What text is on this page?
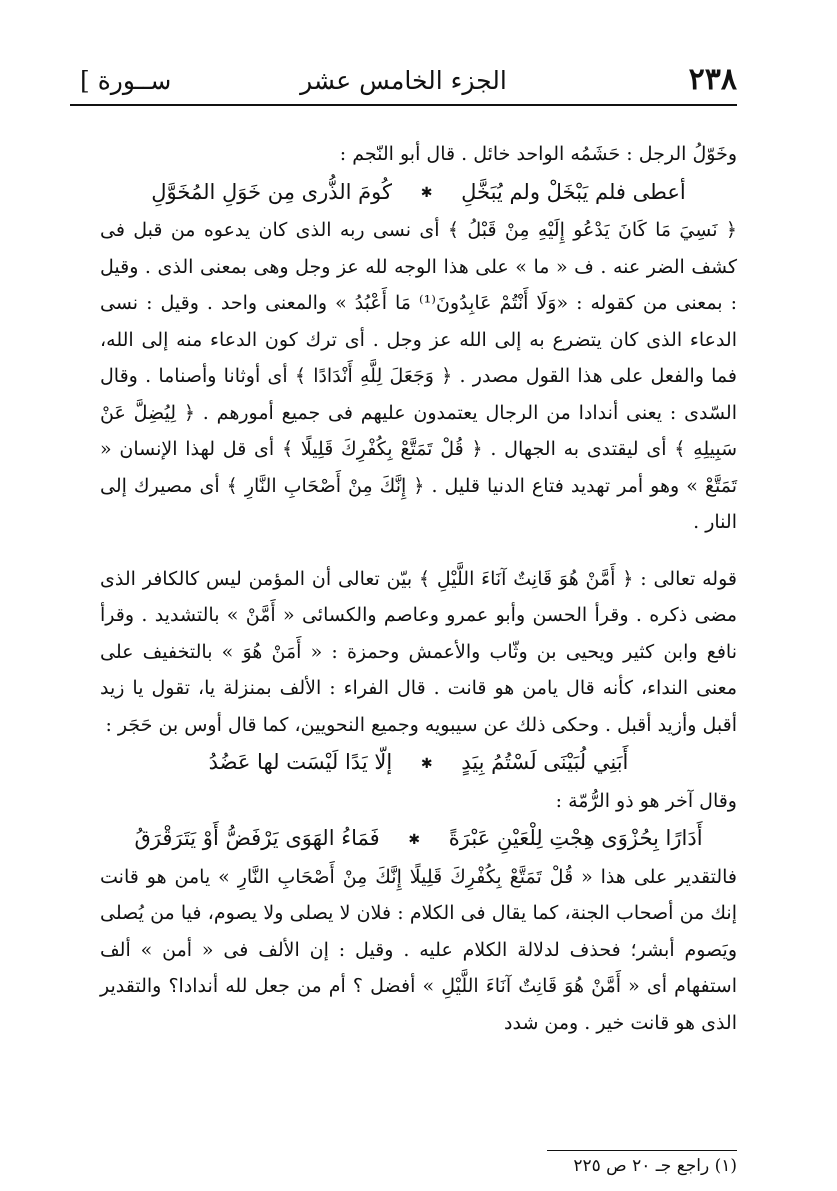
٢٣٨
الجزء الخامس عشر
ســورة ]

وخَوّلُ الرجل : حَشَمُه الواحد خائل . قال أبو النّجم :

أعطى فلم يَبْخَلْ ولم يُبَخَّلِ ✱ كُومَ الذُّرى مِن خَوَلِ المُخَوَّلِ

﴿ نَسِيَ مَا كَانَ يَدْعُو إِلَيْهِ مِنْ قَبْلُ ﴾ أى نسى ربه الذى كان يدعوه من قبل فى كشف الضر عنه . ف « ما » على هذا الوجه لله عز وجل وهى بمعنى الذى . وقيل : بمعنى من كقوله : «وَلَا أَنْتُمْ عَابِدُونَ⁽¹⁾ مَا أَعْبُدُ » والمعنى واحد . وقيل : نسى الدعاء الذى كان يتضرع به إلى الله عز وجل . أى ترك كون الدعاء منه إلى الله، فما والفعل على هذا القول مصدر . ﴿ وَجَعَلَ لِلَّهِ أَنْدَادًا ﴾ أى أوثانا وأصناما . وقال السّدى : يعنى أندادا من الرجال يعتمدون عليهم فى جميع أمورهم . ﴿ لِيُضِلَّ عَنْ سَبِيلِهِ ﴾ أى ليقتدى به الجهال . ﴿ قُلْ تَمَتَّعْ بِكُفْرِكَ قَلِيلًا ﴾ أى قل لهذا الإنسان « تَمَتَّعْ » وهو أمر تهديد فتاع الدنيا قليل . ﴿ إِنَّكَ مِنْ أَصْحَابِ النَّارِ ﴾ أى مصيرك إلى النار .

قوله تعالى : ﴿ أَمَّنْ هُوَ قَانِتٌ آنَاءَ اللَّيْلِ ﴾ بيّن تعالى أن المؤمن ليس كالكافر الذى مضى ذكره . وقرأ الحسن وأبو عمرو وعاصم والكسائى « أَمَّنْ » بالتشديد . وقرأ نافع وابن كثير ويحيى بن وثّاب والأعمش وحمزة : « أَمَنْ هُوَ » بالتخفيف على معنى النداء، كأنه قال يامن هو قانت . قال الفراء : الألف بمنزلة يا، تقول يا زيد أقبل وأزيد أقبل . وحكى ذلك عن سيبويه وجميع النحويين، كما قال أوس بن حَجَر :

أَبَنِي لُبَيْنَى لَسْتُمُ بِيَدٍ ✱ إلّا يَدًا لَيْسَت لها عَضُدُ

وقال آخر هو ذو الرُّمّة :

أَدَارًا بِحُزْوَى هِجْتِ لِلْعَيْنِ عَبْرَةً ✱ فَمَاءُ الهَوَى يَرْفَضُّ أَوْ يَتَرَقْرَقُ

فالتقدير على هذا « قُلْ تَمَتَّعْ بِكُفْرِكَ قَلِيلًا إِنَّكَ مِنْ أَصْحَابِ النَّارِ » يامن هو قانت إنك من أصحاب الجنة، كما يقال فى الكلام : فلان لا يصلى ولا يصوم، فيا من يُصلى ويَصوم أبشر؛ فحذف لدلالة الكلام عليه . وقيل : إن الألف فى « أمن » ألف استفهام أى « أَمَّنْ هُوَ قَانِتٌ آنَاءَ اللَّيْلِ » أفضل ؟ أم من جعل لله أندادا؟ والتقدير الذى هو قانت خير . ومن شدد

(١) راجع جـ ٢٠ ص ٢٢٥
